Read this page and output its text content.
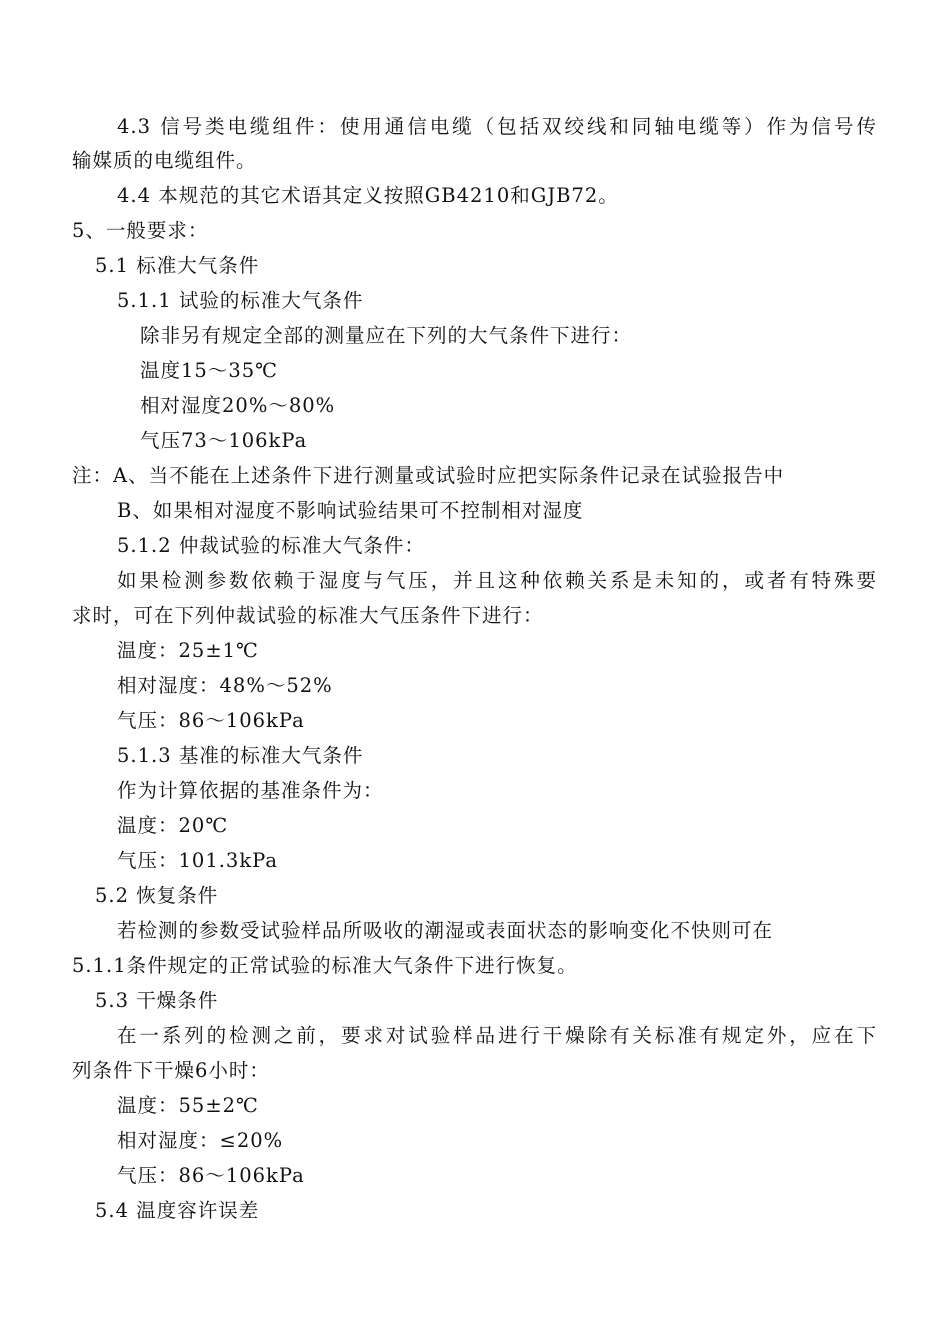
4.3 信号类电缆组件：使用通信电缆（包括双绞线和同轴电缆等）作为信号传
输媒质的电缆组件。
4.4 本规范的其它术语其定义按照GB4210和GJB72。
5、一般要求：
5.1 标准大气条件
5.1.1 试验的标准大气条件
除非另有规定全部的测量应在下列的大气条件下进行：
温度15～35℃
相对湿度20%～80%
气压73～106kPa
注：A、当不能在上述条件下进行测量或试验时应把实际条件记录在试验报告中
B、如果相对湿度不影响试验结果可不控制相对湿度
5.1.2 仲裁试验的标准大气条件：
如果检测参数依赖于湿度与气压，并且这种依赖关系是未知的，或者有特殊要
求时，可在下列仲裁试验的标准大气压条件下进行：
温度：25±1℃
相对湿度：48%～52%
气压：86～106kPa
5.1.3 基准的标准大气条件
作为计算依据的基准条件为：
温度：20℃
气压：101.3kPa
5.2 恢复条件
若检测的参数受试验样品所吸收的潮湿或表面状态的影响变化不快则可在
5.1.1条件规定的正常试验的标准大气条件下进行恢复。
5.3 干燥条件
在一系列的检测之前，要求对试验样品进行干燥除有关标准有规定外，应在下
列条件下干燥6小时：
温度：55±2℃
相对湿度：≤20%
气压：86～106kPa
5.4 温度容许误差
